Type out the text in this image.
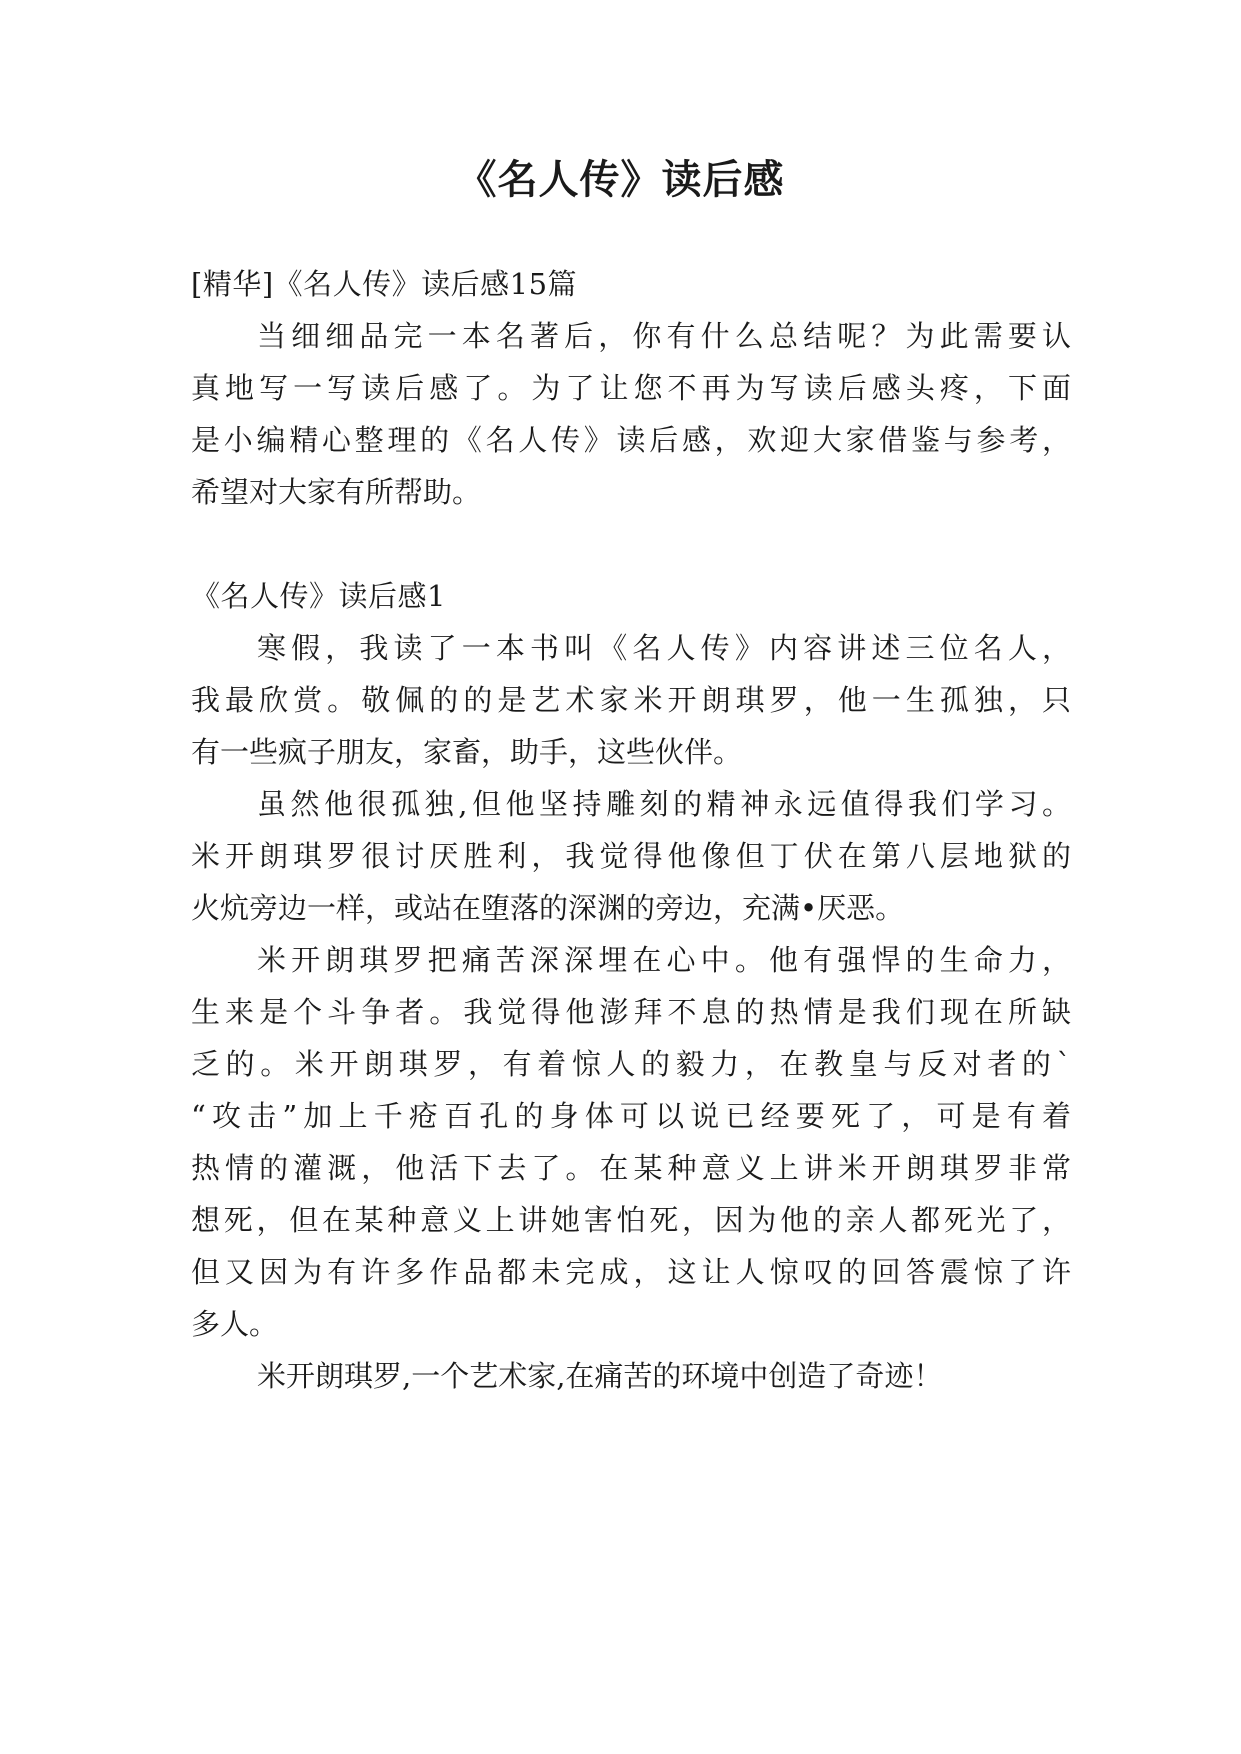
《名人传》读后感
[精华]《名人传》读后感15篇
当细细品完一本名著后，你有什么总结呢？为此需要认
真地写一写读后感了。为了让您不再为写读后感头疼，下面
是小编精心整理的《名人传》读后感，欢迎大家借鉴与参考，
希望对大家有所帮助。
《名人传》读后感1
寒假，我读了一本书叫《名人传》内容讲述三位名人，
我最欣赏。敬佩的的是艺术家米开朗琪罗，他一生孤独，只
有一些疯子朋友，家畜，助手，这些伙伴。
虽然他很孤独,但他坚持雕刻的精神永远值得我们学习。
米开朗琪罗很讨厌胜利，我觉得他像但丁伏在第八层地狱的
火炕旁边一样，或站在堕落的深渊的旁边，充满•厌恶。
米开朗琪罗把痛苦深深埋在心中。他有强悍的生命力，
生来是个斗争者。我觉得他澎拜不息的热情是我们现在所缺
乏的。米开朗琪罗，有着惊人的毅力，在教皇与反对者的`
“攻击”加上千疮百孔的身体可以说已经要死了，可是有着
热情的灌溉，他活下去了。在某种意义上讲米开朗琪罗非常
想死，但在某种意义上讲她害怕死，因为他的亲人都死光了，
但又因为有许多作品都未完成，这让人惊叹的回答震惊了许
多人。
米开朗琪罗,一个艺术家,在痛苦的环境中创造了奇迹！
